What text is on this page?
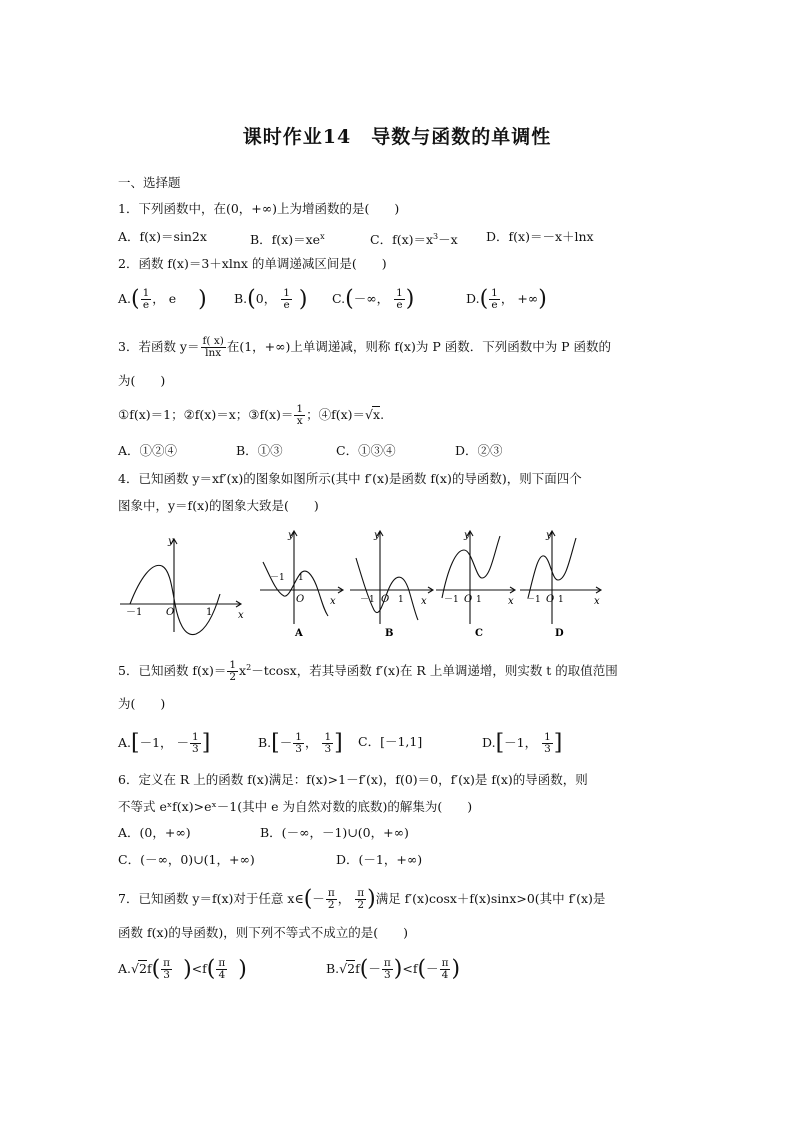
课时作业14　导数与函数的单调性
一、选择题
1．下列函数中，在(0，+∞)上为增函数的是(　　)
A．f(x)＝sin2x	B．$f(x)=xe^x$	C．$f(x)=x^3-x$ D．f(x)＝－x＋lnx
2．函数 f(x)＝3＋xlnx 的单调递减区间是(　　)
$A.( \frac{1}{e}$ ， e ) B.(0， $\frac{1}{e}$ ) C.(－∞， $\frac{1}{e}$ )	$D.( \frac{1}{e}$ ， +∞)
3．若函数 $y= \frac{f( x)}{\ln x}$ 在(1，+∞)上单调递减，则称 f(x)为 P 函数．下列函数中为 P 函数的
为(　　)
①f(x)＝1；②f(x)＝x；③f(x)＝ $\frac{1}{x}$ ；④f(x)＝√x.
A．①②④	B．①③	C．①③④	D．②③
4．已知函数 y＝xf′(x)的图象如图所示(其中 f′(x)是函数 f(x)的导函数)，则下面四个
图象中，y＝f(x)的图象大致是(　　)
y
x
O
－1	1
y
x
O
－1 1
A
y
x
O
－1	1
B
y
x
O
－1 1
C
y
x
O
－1 1
D
5．已知函数 $f(x)= \frac{1}{2} x^2-tcosx$，若其导函数 f′(x)在 R 上单调递增，则实数 t 的取值范围
为(　　)
A.[－1， － $\frac{1}{3}$ ]	$B.[- \frac{1}{3}$ ， $\frac{1}{3}$ ] C．[－1,1]	D.[－1， $\frac{1}{3}$ ]
6．定义在 R 上的函数 f(x)满足：f(x)>1－f′(x)，f(0)＝0，f′(x)是 f(x)的导函数，则
不等式 eˣf(x)>eˣ－1(其中 e 为自然对数的底数)的解集为(　　)
A．(0，+∞)	B．(－∞，－1)∪(0，+∞)
C．(－∞，0)∪(1，+∞)	D．(－1，+∞)
7．已知函数 y＝f(x)对于任意 x∈(－ $\frac{\pi}{2}$ ， $\frac{\pi}{2}$ )满足 f′(x)cosx＋f(x)sinx>0(其中 f′(x)是
函数 f(x)的导函数)，则下列不等式不成立的是(　　)
$A.√2f( \frac{\pi}{3} )<f( \frac{\pi}{4}$ )	$B.√2f(- \frac{\pi}{3} )<f(- \frac{\pi}{4}$ )
